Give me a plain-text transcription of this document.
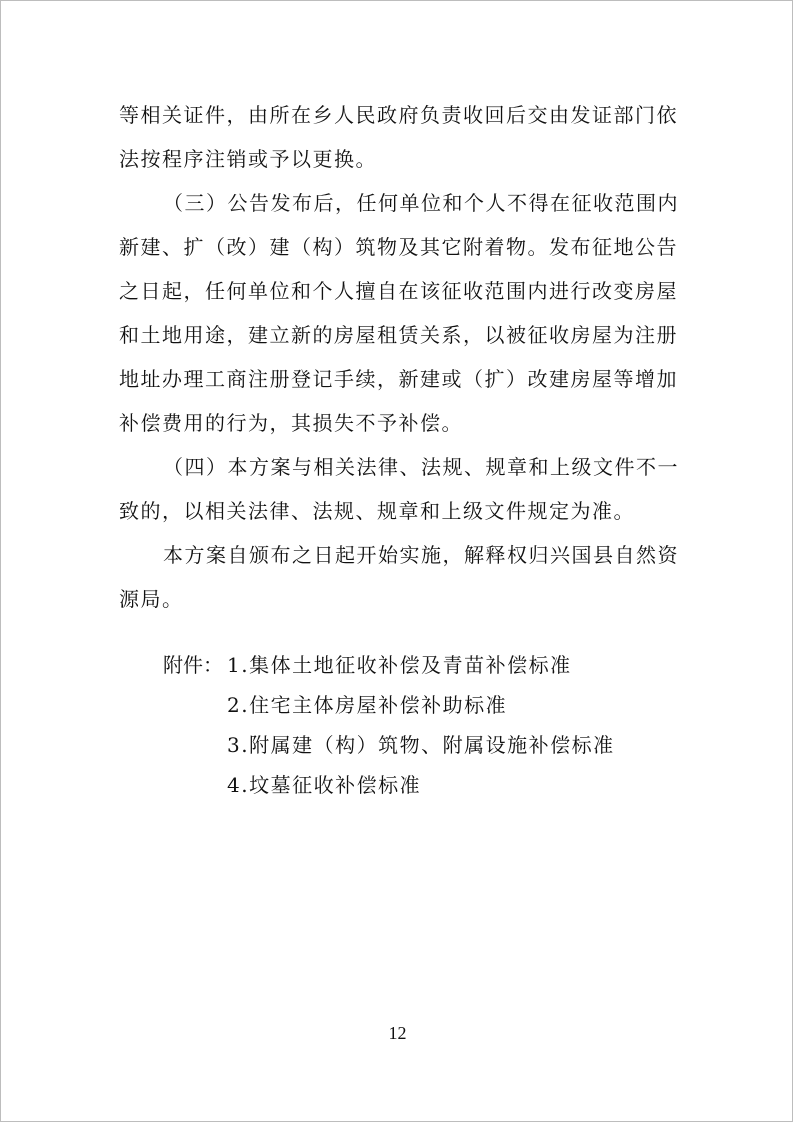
等相关证件，由所在乡人民政府负责收回后交由发证部门依
法按程序注销或予以更换。
（三）公告发布后，任何单位和个人不得在征收范围内
新建、扩（改）建（构）筑物及其它附着物。发布征地公告
之日起，任何单位和个人擅自在该征收范围内进行改变房屋
和土地用途，建立新的房屋租赁关系，以被征收房屋为注册
地址办理工商注册登记手续，新建或（扩）改建房屋等增加
补偿费用的行为，其损失不予补偿。
（四）本方案与相关法律、法规、规章和上级文件不一
致的，以相关法律、法规、规章和上级文件规定为准。
本方案自颁布之日起开始实施，解释权归兴国县自然资
源局。
附件： 1.集体土地征收补偿及青苗补偿标准
2.住宅主体房屋补偿补助标准
3.附属建（构）筑物、附属设施补偿标准
4.坟墓征收补偿标准
12
